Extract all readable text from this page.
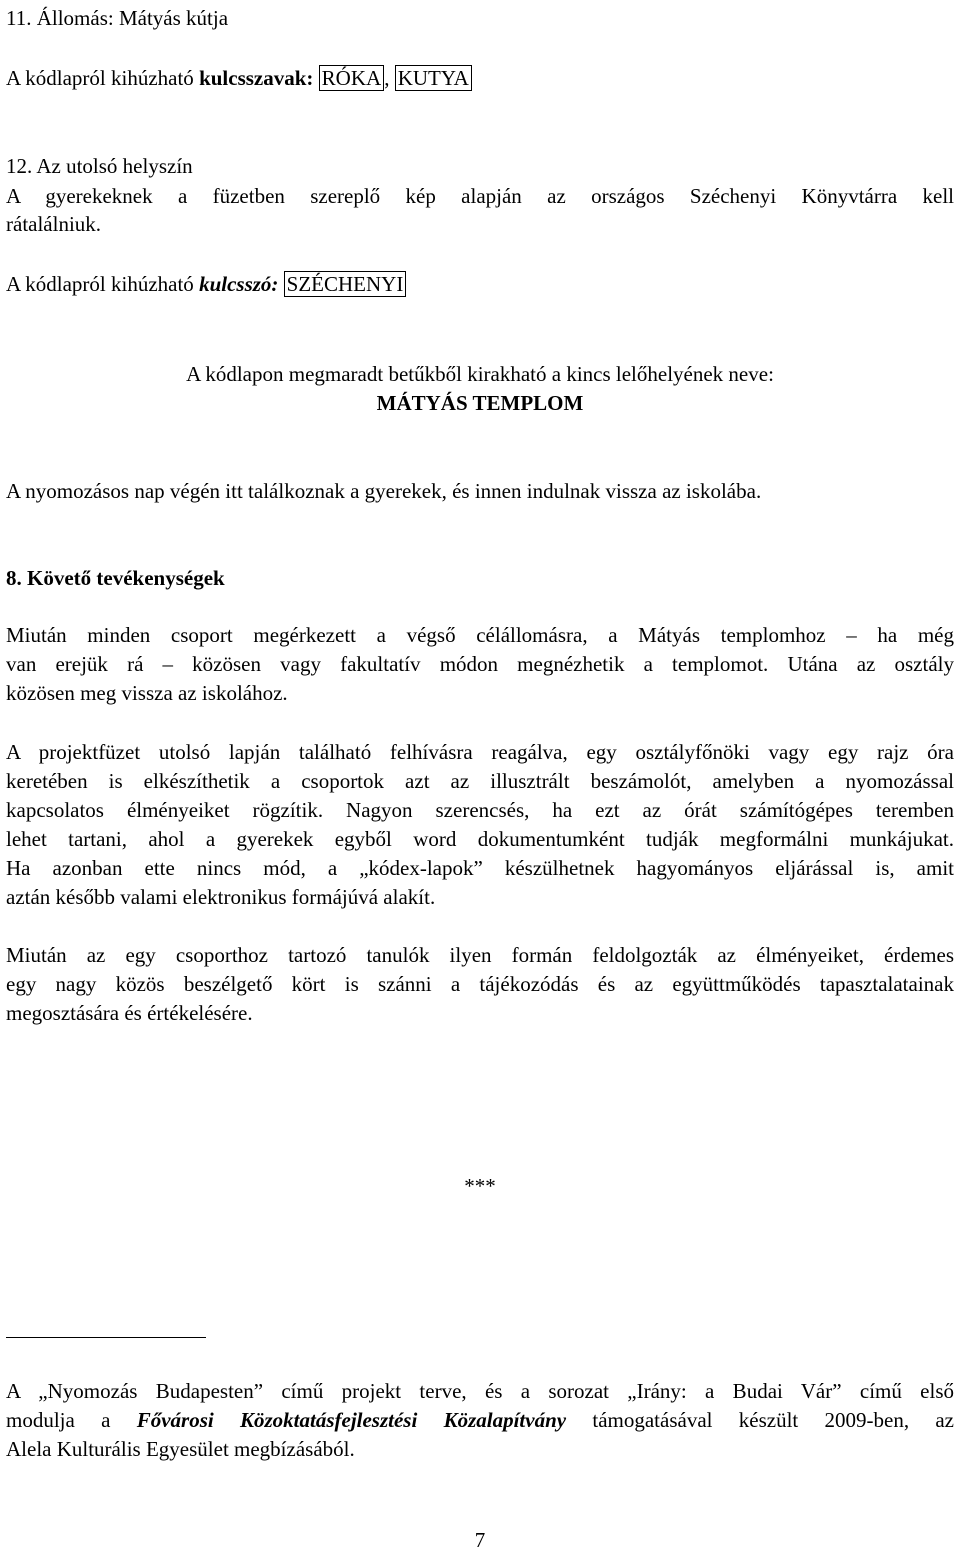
11. Állomás: Mátyás kútja
A kódlapról kihúzható kulcsszavak: RÓKA , KUTYA
12. Az utolsó helyszín
A gyerekeknek a füzetben szereplő kép alapján az országos Széchenyi Könyvtárra kell
rátalálniuk.
A kódlapról kihúzható kulcsszó: SZÉCHENYI
A kódlapon megmaradt betűkből kirakható a kincs lelőhelyének neve:
MÁTYÁS TEMPLOM
A nyomozásos nap végén itt találkoznak a gyerekek, és innen indulnak vissza az iskolába.
8. Követő tevékenységek
Miután minden csoport megérkezett a végső célállomásra, a Mátyás templomhoz – ha még
van erejük rá – közösen vagy fakultatív módon megnézhetik a templomot. Utána az osztály
közösen meg vissza az iskolához.
A projektfüzet utolsó lapján található felhívásra reagálva, egy osztályfőnöki vagy egy rajz óra
keretében is elkészíthetik a csoportok azt az illusztrált beszámolót, amelyben a nyomozással
kapcsolatos élményeiket rögzítik. Nagyon szerencsés, ha ezt az órát számítógépes teremben
lehet tartani, ahol a gyerekek egyből word dokumentumként tudják megformálni munkájukat.
Ha azonban ette nincs mód, a „kódex-lapok” készülhetnek hagyományos eljárással is, amit
aztán később valami elektronikus formájúvá alakít.
Miután az egy csoporthoz tartozó tanulók ilyen formán feldolgozták az élményeiket, érdemes
egy nagy közös beszélgető kört is szánni a tájékozódás és az együttműködés tapasztalatainak
megosztására és értékelésére.
***
A „Nyomozás Budapesten” című projekt terve, és a sorozat „Irány: a Budai Vár” című első
modulja a Fővárosi Közoktatásfejlesztési Közalapítvány támogatásával készült 2009-ben, az
Alela Kulturális Egyesület megbízásából.
7
